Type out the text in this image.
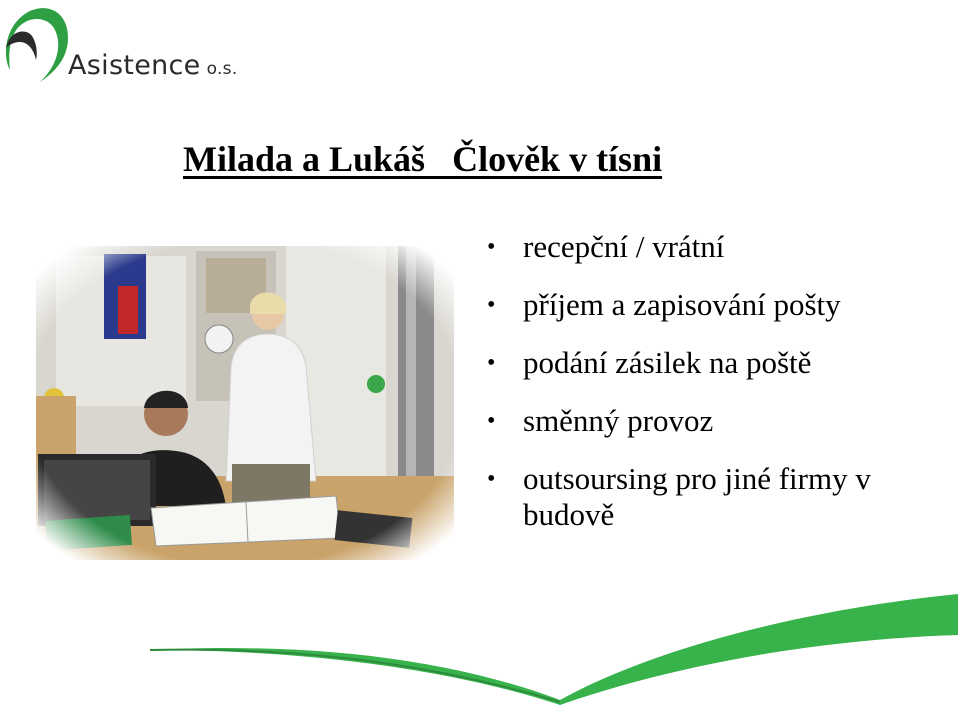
Asistence o.s.
Milada a Lukáš   Člověk v tísni
• recepční / vrátní
• příjem a zapisování pošty
• podání zásilek na poště
• směnný provoz
• outsoursing pro jiné firmy v budově
